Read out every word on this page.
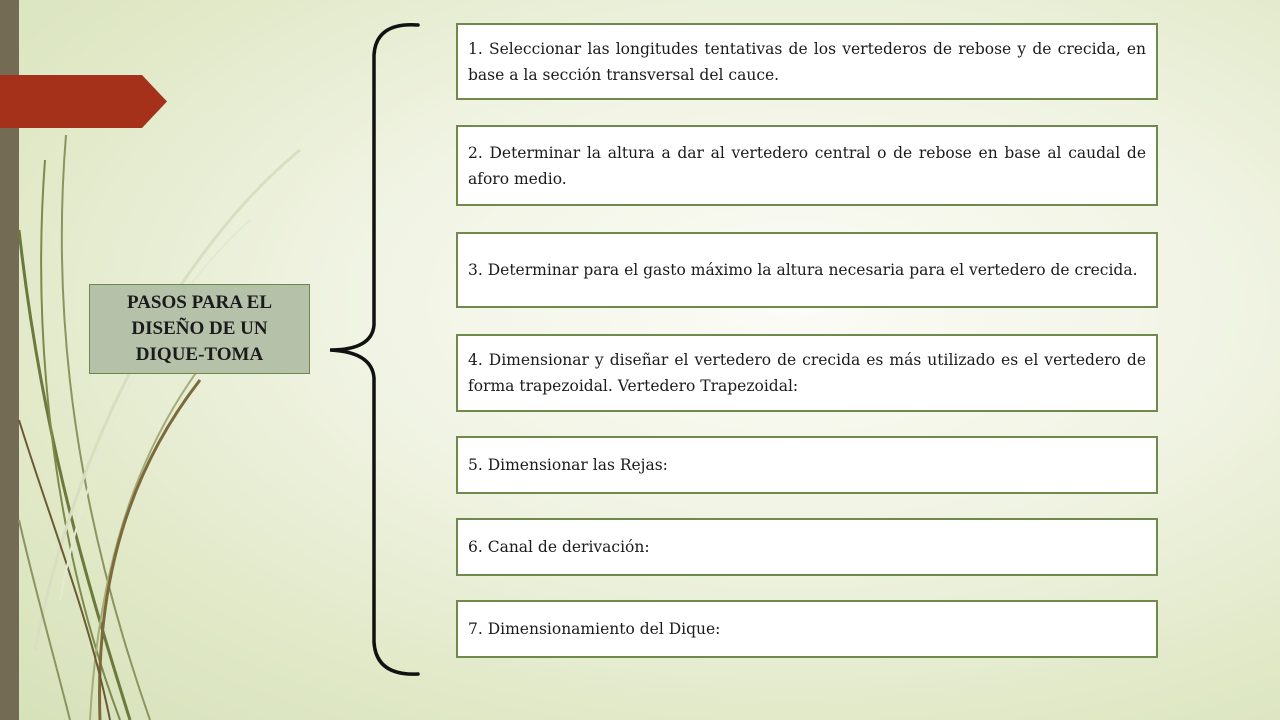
PASOS PARA EL
DISEÑO DE UN
DIQUE-TOMA
1. Seleccionar las longitudes tentativas de los vertederos de rebose y de crecida, en base a la sección transversal del cauce.
2. Determinar la altura a dar al vertedero central o de rebose en base al caudal de aforo medio.
3. Determinar para el gasto máximo la altura necesaria para el vertedero de crecida.
4. Dimensionar y diseñar el vertedero de crecida es más utilizado es el vertedero de forma trapezoidal. Vertedero Trapezoidal:
5. Dimensionar las Rejas:
6. Canal de derivación:
7. Dimensionamiento del Dique:
